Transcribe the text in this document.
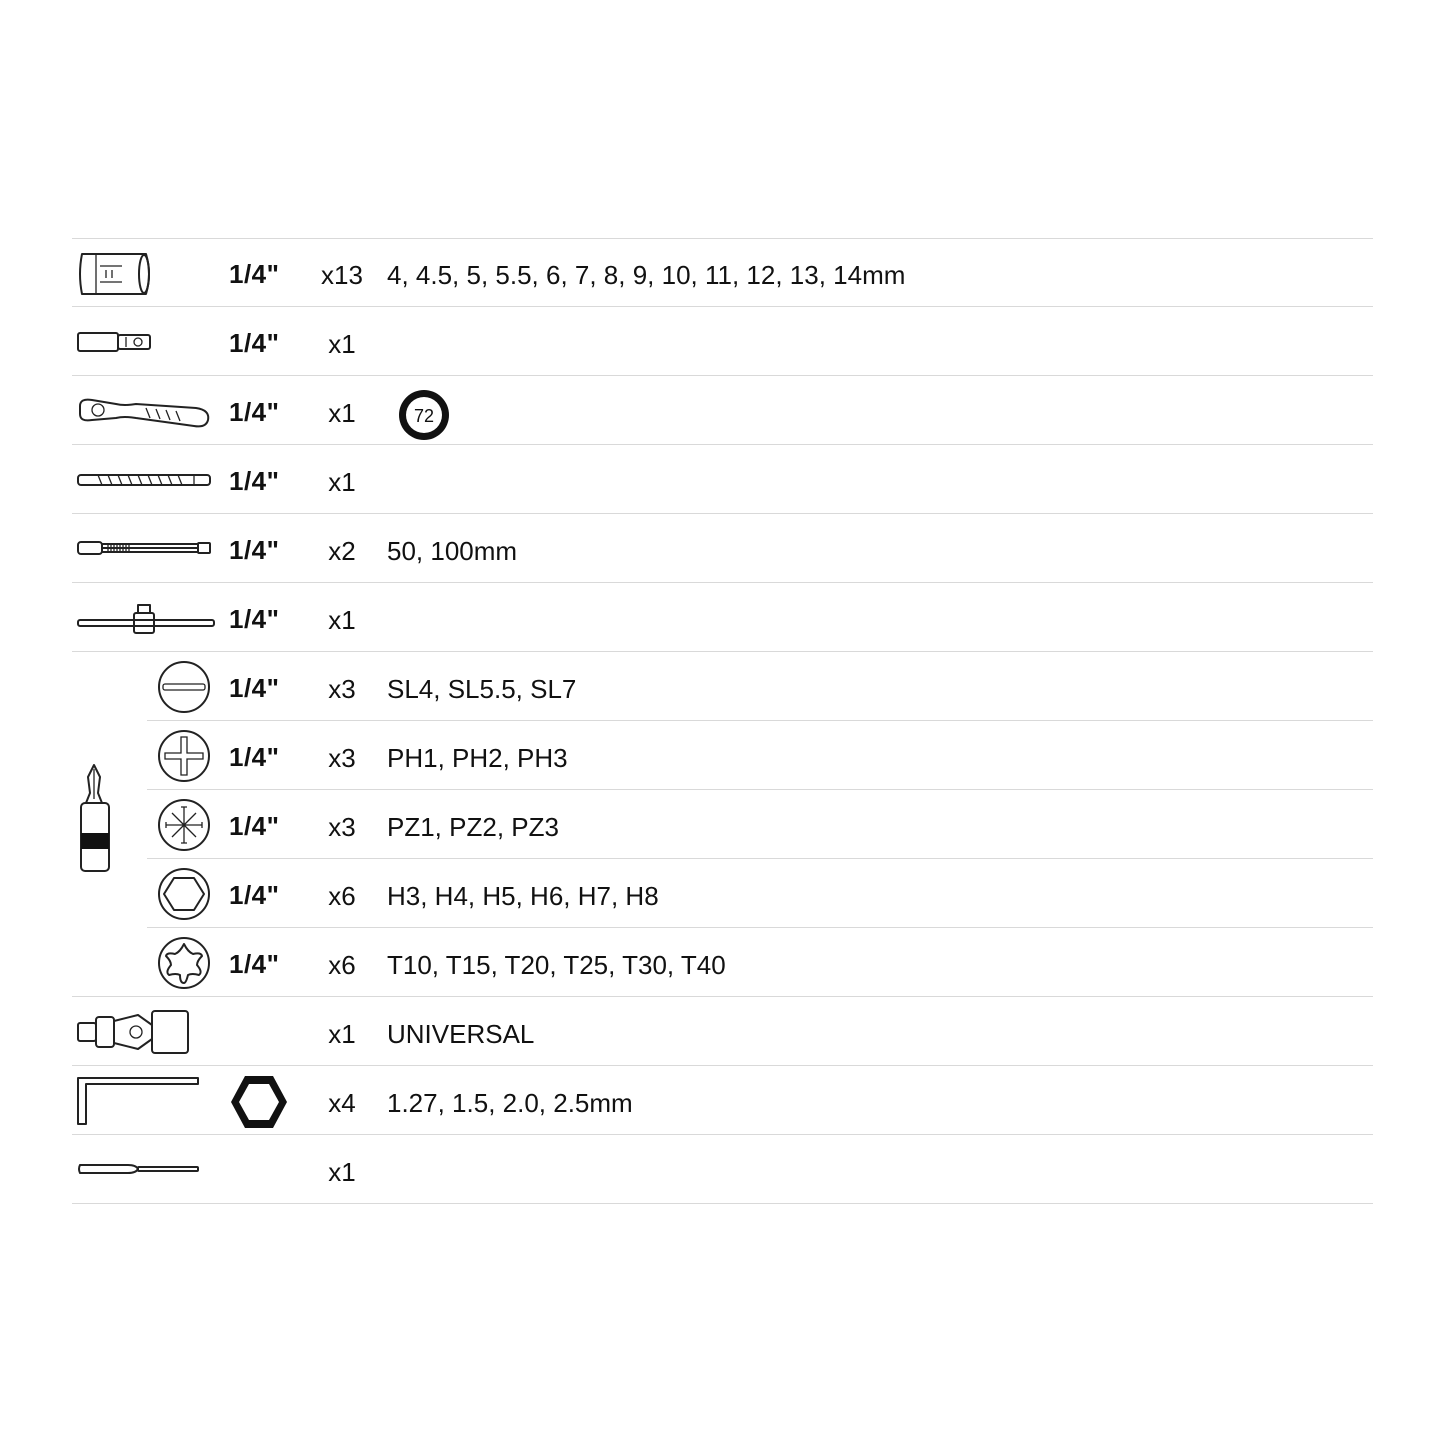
1/4"	x13 4, 4.5, 5, 5.5, 6, 7, 8, 9, 10, 11, 12, 13, 14mm
1/4"	x1
1/4"	x1	72
1/4"	x1
1/4"	x2	50, 100mm
1/4"	x1
1/4"	x3	SL4, SL5.5, SL7
1/4"	x3	PH1, PH2, PH3
1/4"	x3	PZ1, PZ2, PZ3
1/4"	x6	H3, H4, H5, H6, H7, H8
1/4"	x6	T10, T15, T20, T25, T30, T40
x1	UNIVERSAL
x4	1.27, 1.5, 2.0, 2.5mm
x1
